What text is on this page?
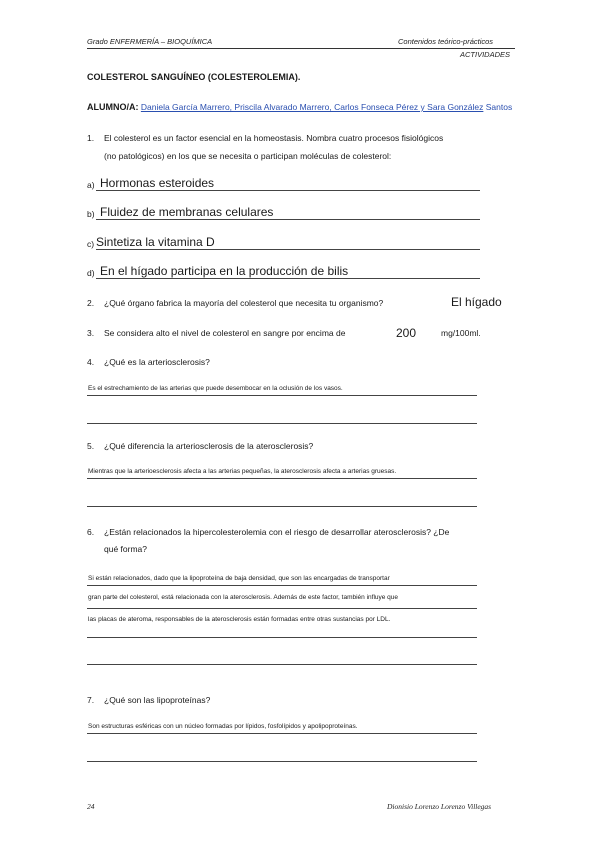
Grado ENFERMERÍA – BIOQUÍMICA	Contenidos teórico-prácticos
ACTIVIDADES
COLESTEROL SANGUÍNEO (COLESTEROLEMIA).
ALUMNO/A: Daniela García Marrero, Priscila Alvarado Marrero, Carlos Fonseca Pérez y Sara González Santos
1. El colesterol es un factor esencial en la homeostasis. Nombra cuatro procesos fisiológicos
(no patológicos) en los que se necesita o participan moléculas de colesterol:
a) Hormonas esteroides
b) Fluidez de membranas celulares
c) Sintetiza la vitamina D
d) En el hígado participa en la producción de bilis
2. ¿Qué órgano fabrica la mayoría del colesterol que necesita tu organismo?	El hígado
3. Se considera alto el nivel de colesterol en sangre por encima de	200	mg/100ml.
4. ¿Qué es la arteriosclerosis?
Es el estrechamiento de las arterias que puede desembocar en la oclusión de los vasos.
5. ¿Qué diferencia la arteriosclerosis de la aterosclerosis?
Mientras que la arterioesclerosis afecta a las arterias pequeñas, la aterosclerosis afecta a arterias gruesas.
6. ¿Están relacionados la hipercolesterolemia con el riesgo de desarrollar aterosclerosis? ¿De
qué forma?
Si están relacionados, dado que la lipoproteína de baja densidad, que son las encargadas de transportar
gran parte del colesterol, está relacionada con la aterosclerosis. Además de este factor, también influye que
las placas de ateroma, responsables de la aterosclerosis están formadas entre otras sustancias por LDL.
7. ¿Qué son las lipoproteínas?
Son estructuras esféricas con un núcleo formadas por lípidos, fosfolípidos y apolipoproteínas.
24	Dionisio Lorenzo Lorenzo Villegas
